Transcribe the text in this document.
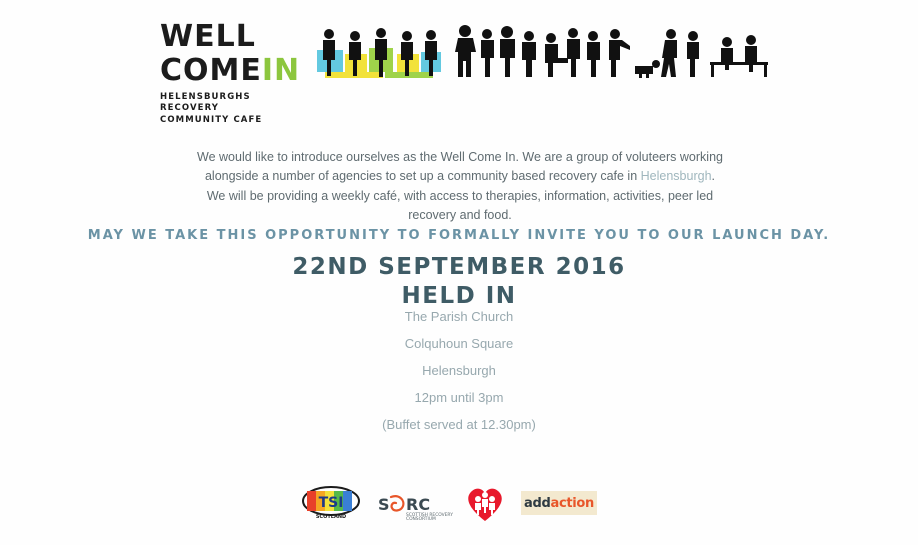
WELL
COMEIN
HELENSBURGHS RECOVERY
COMMUNITY CAFE
We would like to introduce ourselves as the Well Come In. We are a group of voluteers working alongside a number of agencies to set up a community based recovery cafe in Helensburgh. We will be providing a weekly café, with access to therapies, information, activities, peer led recovery and food.
MAY WE TAKE THIS OPPORTUNITY TO FORMALLY INVITE YOU TO OUR LAUNCH DAY.
22ND SEPTEMBER 2016
HELD IN
The Parish Church
Colquhoun Square
Helensburgh
12pm until 3pm
(Buffet served at 12.30pm)
TSI
SCOTLAND
S RC
SCOTTISH RECOVERY
CONSORTIUM
addaction
